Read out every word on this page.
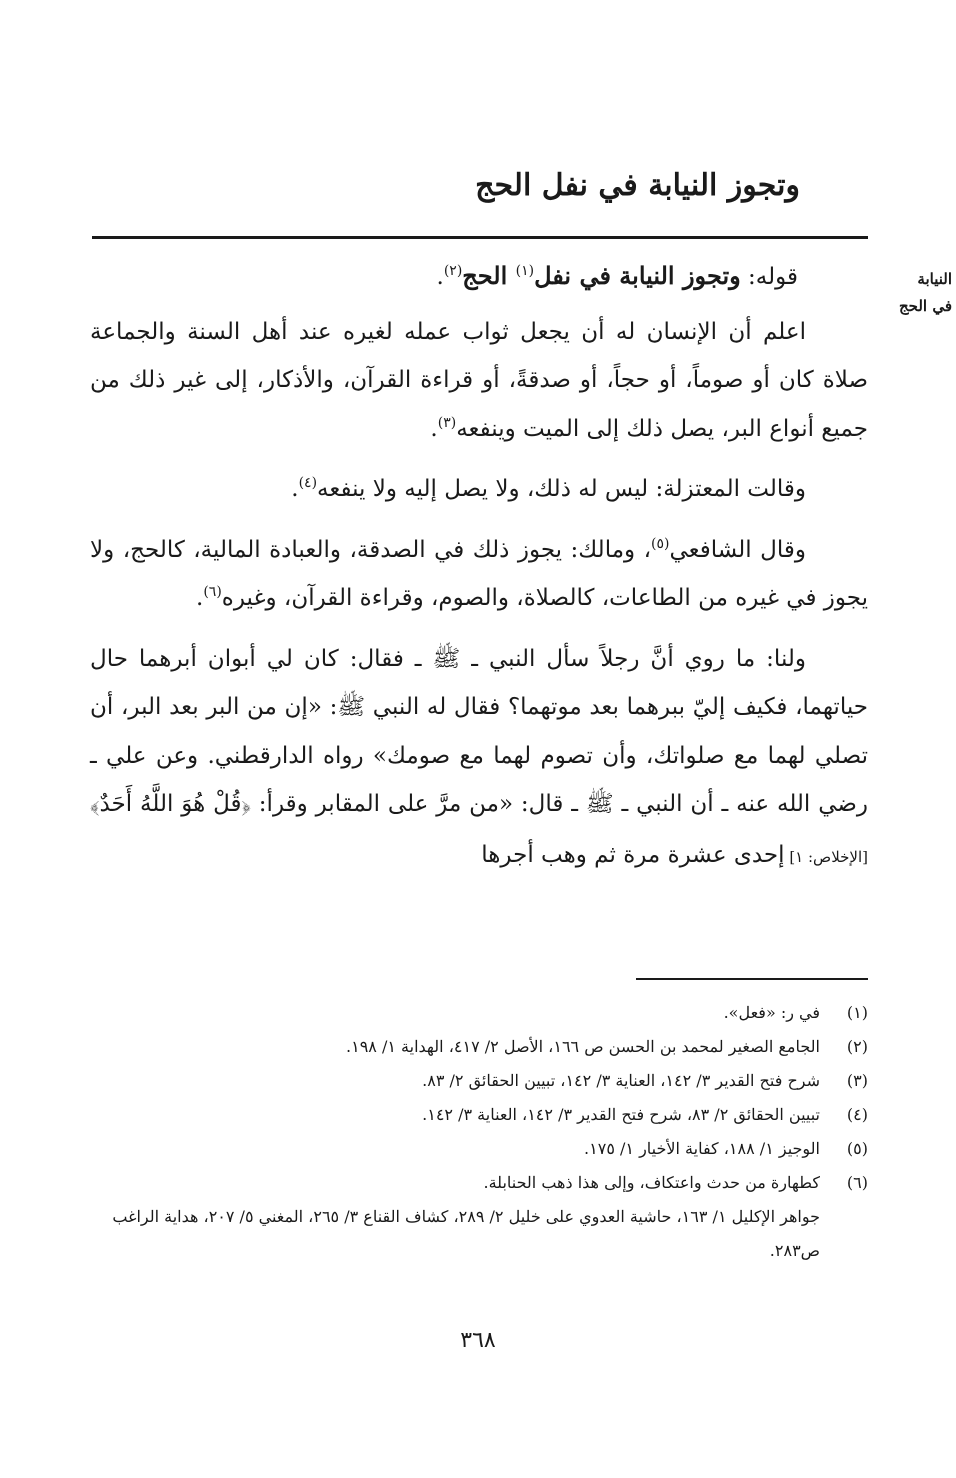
وتجوز النيابة في نفل الحج
النيابة
في الحج

قوله: وتجوز النيابة في نفل$^{(١)}$ الحج$^{(٢)}$.

اعلم أن الإنسان له أن يجعل ثواب عمله لغيره عند أهل السنة والجماعة صلاة كان أو صوماً، أو حجاً، أو صدقةً، أو قراءة القرآن، والأذكار، إلى غير ذلك من جميع أنواع البر، يصل ذلك إلى الميت وينفعه$^{(٣)}$.

وقالت المعتزلة: ليس له ذلك، ولا يصل إليه ولا ينفعه$^{(٤)}$.

وقال الشافعي$^{(٥)}$، ومالك: يجوز ذلك في الصدقة، والعبادة المالية، كالحج، ولا يجوز في غيره من الطاعات، كالصلاة، والصوم، وقراءة القرآن، وغيره$^{(٦)}$.

ولنا: ما روي أنَّ رجلاً سأل النبي ـ ﷺ ـ فقال: كان لي أبوان أبرهما حال حياتهما، فكيف إليّ ببرهما بعد موتهما؟ فقال له النبي ﷺ: «إن من البر بعد البر، أن تصلي لهما مع صلواتك، وأن تصوم لهما مع صومك» رواه الدارقطني. وعن علي ـ رضي الله عنه ـ أن النبي ـ ﷺ ـ قال: «من مرَّ على المقابر وقرأ: ﴿قُلْ هُوَ اللَّهُ أَحَدٌ﴾ [الإخلاص: ١] إحدى عشرة مرة ثم وهب أجرها

(١)
في ر: «فعل».
(٢)
الجامع الصغير لمحمد بن الحسن ص ١٦٦، الأصل ٢/ ٤١٧، الهداية ١/ ١٩٨.
(٣)
شرح فتح القدير ٣/ ١٤٢، العناية ٣/ ١٤٢، تبيين الحقائق ٢/ ٨٣.
(٤)
تبيين الحقائق ٢/ ٨٣، شرح فتح القدير ٣/ ١٤٢، العناية ٣/ ١٤٢.
(٥)
الوجيز ١/ ١٨٨، كفاية الأخيار ١/ ١٧٥.
(٦)
كطهارة من حدث واعتكاف، وإلى هذا ذهب الحنابلة.
جواهر الإكليل ١/ ١٦٣، حاشية العدوي على خليل ٢/ ٢٨٩، كشاف القناع ٣/ ٢٦٥، المغني ٥/ ٢٠٧، هداية الراغب ص٢٨٣.
٣٦٨
